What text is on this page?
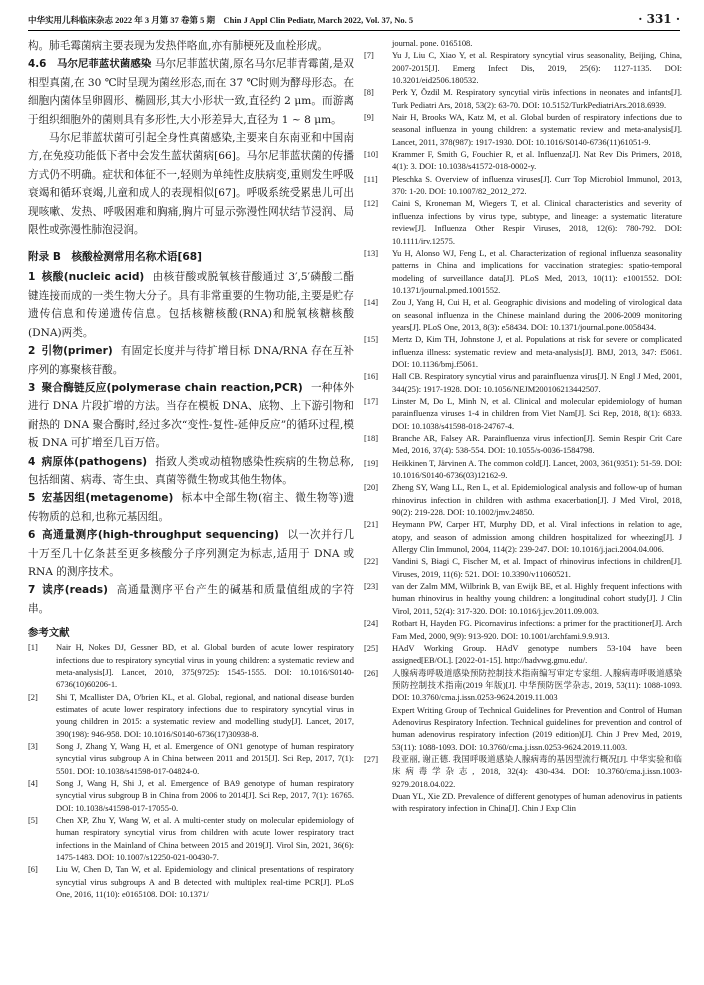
中华实用儿科临床杂志 2022 年 3 月第 37 卷第 5 期　Chin J Appl Clin Pediatr, March 2022, Vol. 37, No. 5	· 331 ·

构。肺毛霉菌病主要表现为发热伴咯血,亦有肺梗死及血栓形成。

4.6　马尔尼菲蓝状菌感染 马尔尼菲蓝状菌,原名马尔尼菲青霉菌,是双相型真菌,在 30 ℃时呈现为菌丝形态,而在 37 ℃时则为酵母形态。在细胞内菌体呈卵圆形、椭圆形,其大小形状一致,直径约 2 μm。而游离于组织细胞外的菌则具有多形性,大小形差异大,直径为 1 ~ 8 μm。

马尔尼菲蓝状菌可引起全身性真菌感染,主要来自东南亚和中国南方,在免疫功能低下者中会发生蓝状菌病[66]。马尔尼菲蓝状菌的传播方式仍不明确。症状和体征不一,轻则为单纯性皮肤病变,重则发生呼吸衰竭和循环衰竭,儿童和成人的表现相似[67]。呼吸系统受累患儿可出现咳嗽、发热、呼吸困难和胸痛,胸片可显示弥漫性网状结节浸润、局限性或弥漫性肺泡浸润。

附录 B　核酸检测常用名称术语[68]

1 核酸(nucleic acid) 由核苷酸或脱氧核苷酸通过 3′,5′磷酸二酯键连接而成的一类生物大分子。具有非常重要的生物功能,主要是贮存遗传信息和传递遗传信息。包括核糖核酸(RNA)和脱氧核糖核酸(DNA)两类。

2 引物(primer) 有固定长度并与待扩增目标 DNA/RNA 存在互补序列的寡聚核苷酸。

3 聚合酶链反应(polymerase chain reaction,PCR) 一种体外进行 DNA 片段扩增的方法。当存在模板 DNA、底物、上下游引物和耐热的 DNA 聚合酶时,经过多次“变性-复性-延伸反应”的循环过程,模板 DNA 可扩增至几百万倍。

4 病原体(pathogens) 指致人类或动植物感染性疾病的生物总称,包括细菌、病毒、寄生虫、真菌等微生物或其他生物体。

5 宏基因组(metagenome) 标本中全部生物(宿主、微生物等)遗传物质的总和,也称元基因组。

6 高通量测序(high-throughput sequencing) 以一次并行几十万至几十亿条甚至更多核酸分子序列测定为标志,适用于 DNA 或 RNA 的测序技术。

7 读序(reads) 高通量测序平台产生的碱基和质量值组成的字符串。

参考文献

[1]	Nair H, Nokes DJ, Gessner BD, et al. Global burden of acute lower respiratory infections due to respiratory syncytial virus in young children: a systematic review and meta-analysis[J]. Lancet, 2010, 375(9725): 1545-1555. DOI: 10.1016/S0140-6736(10)60206-1.

[2]	Shi T, Mcallister DA, O'brien KL, et al. Global, regional, and national disease burden estimates of acute lower respiratory infections due to respiratory syncytial virus in young children in 2015: a systematic review and modelling study[J]. Lancet, 2017, 390(198): 946-958. DOI: 10.1016/S0140-6736(17)30938-8.

[3]	Song J, Zhang Y, Wang H, et al. Emergence of ON1 genotype of human respiratory syncytial virus subgroup A in China between 2011 and 2015[J]. Sci Rep, 2017, 7(1): 5501. DOI: 10.1038/s41598-017-04824-0.

[4]	Song J, Wang H, Shi J, et al. Emergence of BA9 genotype of human respiratory syncytial virus subgroup B in China from 2006 to 2014[J]. Sci Rep, 2017, 7(1): 16765. DOI: 10.1038/s41598-017-17055-0.

[5]	Chen XP, Zhu Y, Wang W, et al. A multi-center study on molecular epidemiology of human respiratory syncytial virus from children with acute lower respiratory tract infections in the Mainland of China between 2015 and 2019[J]. Virol Sin, 2021, 36(6): 1475-1483. DOI: 10.1007/s12250-021-00430-7.

[6]	Liu W, Chen D, Tan W, et al. Epidemiology and clinical presentations of respiratory syncytial virus subgroups A and B detected with multiplex real-time PCR[J]. PLoS One, 2016, 11(10): e0165108. DOI: 10.1371/

journal. pone. 0165108.

[7]	Yu J, Liu C, Xiao Y, et al. Respiratory syncytial virus seasonality, Beijing, China, 2007-2015[J]. Emerg Infect Dis, 2019, 25(6): 1127-1135. DOI: 10.3201/eid2506.180532.

[8]	Perk Y, Özdil M. Respiratory syncytial virüs infections in neonates and infants[J]. Turk Pediatri Ars, 2018, 53(2): 63-70. DOI: 10.5152/TurkPediatriArs.2018.6939.

[9]	Nair H, Brooks WA, Katz M, et al. Global burden of respiratory infections due to seasonal influenza in young children: a systematic review and meta-analysis[J]. Lancet, 2011, 378(987): 1917-1930. DOI: 10.1016/S0140-6736(11)61051-9.

[10]	Krammer F, Smith G, Fouchier R, et al. Influenza[J]. Nat Rev Dis Primers, 2018, 4(1): 3. DOI: 10.1038/s41572-018-0002-y.

[11]	Pleschka S. Overview of influenza viruses[J]. Curr Top Microbiol Immunol, 2013, 370: 1-20. DOI: 10.1007/82_2012_272.

[12]	Caini S, Kroneman M, Wiegers T, et al. Clinical characteristics and severity of influenza infections by virus type, subtype, and lineage: a systematic literature review[J]. Influenza Other Respir Viruses, 2018, 12(6): 780-792. DOI: 10.1111/irv.12575.

[13]	Yu H, Alonso WJ, Feng L, et al. Characterization of regional influenza seasonality patterns in China and implications for vaccination strategies: spatio-temporal modeling of surveillance data[J]. PLoS Med, 2013, 10(11): e1001552. DOI: 10.1371/journal.pmed.1001552.

[14]	Zou J, Yang H, Cui H, et al. Geographic divisions and modeling of virological data on seasonal influenza in the Chinese mainland during the 2006-2009 monitoring years[J]. PLoS One, 2013, 8(3): e58434. DOI: 10.1371/journal.pone.0058434.

[15]	Mertz D, Kim TH, Johnstone J, et al. Populations at risk for severe or complicated influenza illness: systematic review and meta-analysis[J]. BMJ, 2013, 347: f5061. DOI: 10.1136/bmj.f5061.

[16]	Hall CB. Respiratory syncytial virus and parainfluenza virus[J]. N Engl J Med, 2001, 344(25): 1917-1928. DOI: 10.1056/NEJM200106213442507.

[17]	Linster M, Do L, Minh N, et al. Clinical and molecular epidemiology of human parainfluenza viruses 1-4 in children from Viet Nam[J]. Sci Rep, 2018, 8(1): 6833. DOI: 10.1038/s41598-018-24767-4.

[18]	Branche AR, Falsey AR. Parainfluenza virus infection[J]. Semin Respir Crit Care Med, 2016, 37(4): 538-554. DOI: 10.1055/s-0036-1584798.

[19]	Heikkinen T, Järvinen A. The common cold[J]. Lancet, 2003, 361(9351): 51-59. DOI: 10.1016/S0140-6736(03)12162-9.

[20]	Zheng SY, Wang LL, Ren L, et al. Epidemiological analysis and follow-up of human rhinovirus infection in children with asthma exacerbation[J]. J Med Virol, 2018, 90(2): 219-228. DOI: 10.1002/jmv.24850.

[21]	Heymann PW, Carper HT, Murphy DD, et al. Viral infections in relation to age, atopy, and season of admission among children hospitalized for wheezing[J]. J Allergy Clin Immunol, 2004, 114(2): 239-247. DOI: 10.1016/j.jaci.2004.04.006.

[22]	Vandini S, Biagi C, Fischer M, et al. Impact of rhinovirus infections in children[J]. Viruses, 2019, 11(6): 521. DOI: 10.3390/v11060521.

[23]	van der Zalm MM, Wilbrink B, van Ewijk BE, et al. Highly frequent infections with human rhinovirus in healthy young children: a longitudinal cohort study[J]. J Clin Virol, 2011, 52(4): 317-320. DOI: 10.1016/j.jcv.2011.09.003.

[24]	Rotbart H, Hayden FG. Picornavirus infections: a primer for the practitioner[J]. Arch Fam Med, 2000, 9(9): 913-920. DOI: 10.1001/archfami.9.9.913.

[25]	HAdV Working Group. HAdV genotype numbers 53-104 have been assigned[EB/OL]. [2022-01-15]. http://hadvwg.gmu.edu/.

[26]	人腺病毒呼吸道感染预防控制技术指南编写审定专家组. 人腺病毒呼吸道感染预防控制技术指南(2019 年版)[J]. 中华预防医学杂志, 2019, 53(11): 1088-1093. DOI: 10.3760/cma.j.issn.0253-9624.2019.11.003

Expert Writing Group of Technical Guidelines for Prevention and Control of Human Adenovirus Respiratory Infection. Technical guidelines for prevention and control of human adenovirus respiratory infection (2019 edition)[J]. Chin J Prev Med, 2019, 53(11): 1088-1093. DOI: 10.3760/cma.j.issn.0253-9624.2019.11.003.

[27]	段亚丽, 谢正德. 我国呼吸道感染人腺病毒的基因型流行概况[J]. 中华实验和临床病毒学杂志, 2018, 32(4): 430-434. DOI: 10.3760/cma.j.issn.1003-9279.2018.04.022.

Duan YL, Xie ZD. Prevalence of different genotypes of human adenovirus in patients with respiratory infection in China[J]. Chin J Exp Clin
